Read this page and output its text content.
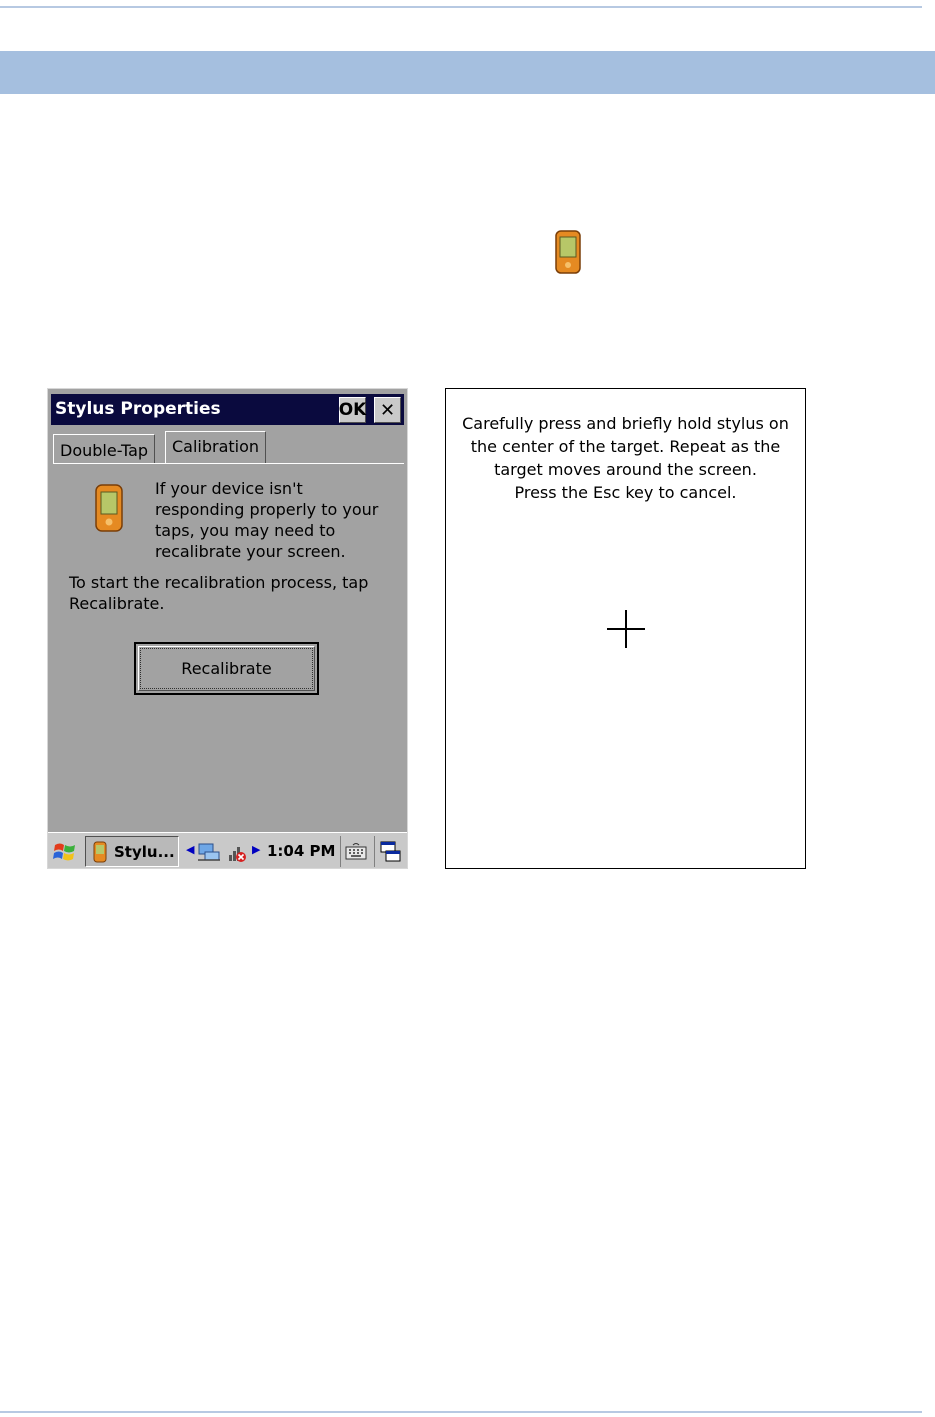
Stylus Properties	OK ✕
Double-Tap	Calibration
If your device isn't responding properly to your taps, you may need to recalibrate your screen.
To start the recalibration process, tap Recalibrate.
Recalibrate
Stylu... ◀	▶ 1:04 PM
Carefully press and briefly hold stylus on
the center of the target. Repeat as the
target moves around the screen.
Press the Esc key to cancel.
